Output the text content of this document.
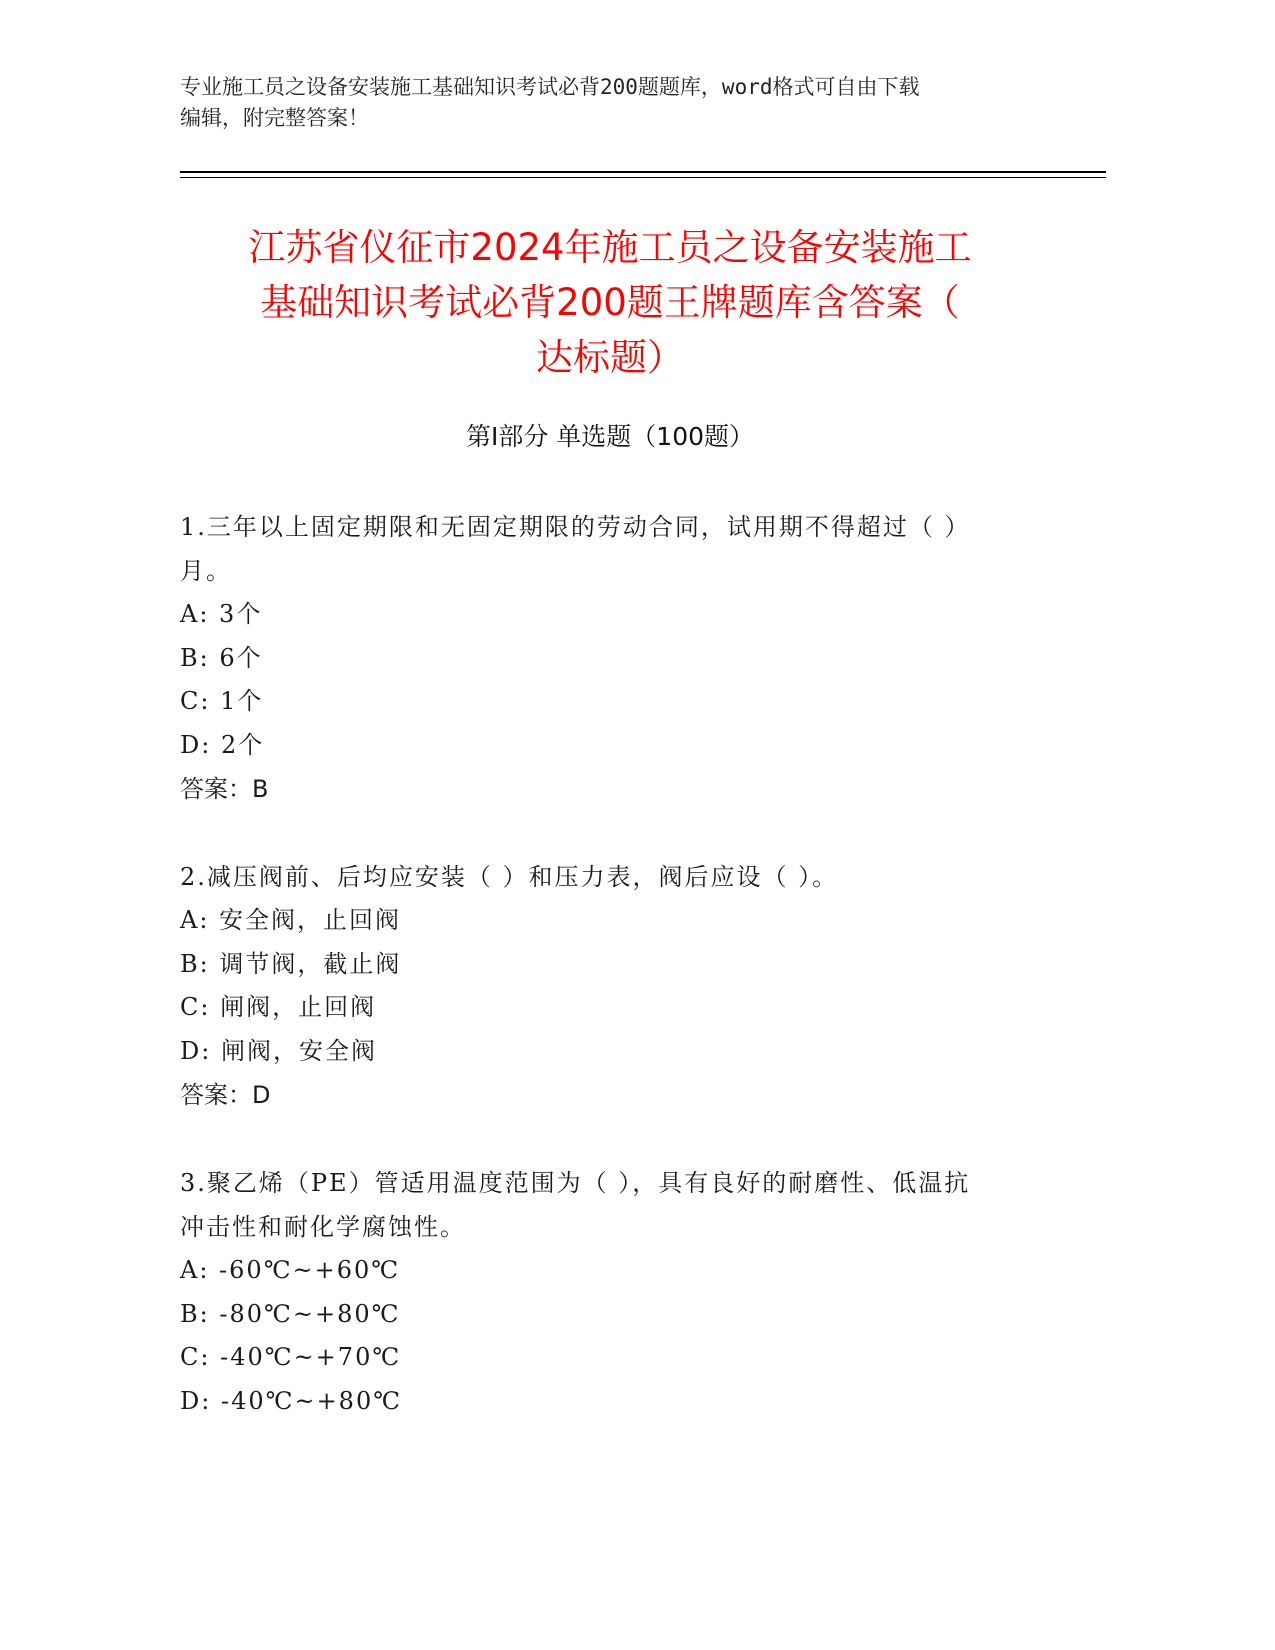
专业施工员之设备安装施工基础知识考试必背200题题库，word格式可自由下载
编辑，附完整答案！
江苏省仪征市2024年施工员之设备安装施工
基础知识考试必背200题王牌题库含答案（
达标题）
第Ⅰ部分 单选题（100题）

1.三年以上固定期限和无固定期限的劳动合同，试用期不得超过（ ）

月。

A: 3个

B: 6个

C: 1个

D: 2个

答案：B

2.减压阀前、后均应安装（ ）和压力表，阀后应设（ ）。

A: 安全阀，止回阀

B: 调节阀，截止阀

C: 闸阀，止回阀

D: 闸阀，安全阀

答案：D

3.聚乙烯（PE）管适用温度范围为（ ），具有良好的耐磨性、低温抗

冲击性和耐化学腐蚀性。

A: -60℃~+60℃

B: -80℃~+80℃

C: -40℃~+70℃

D: -40℃~+80℃
